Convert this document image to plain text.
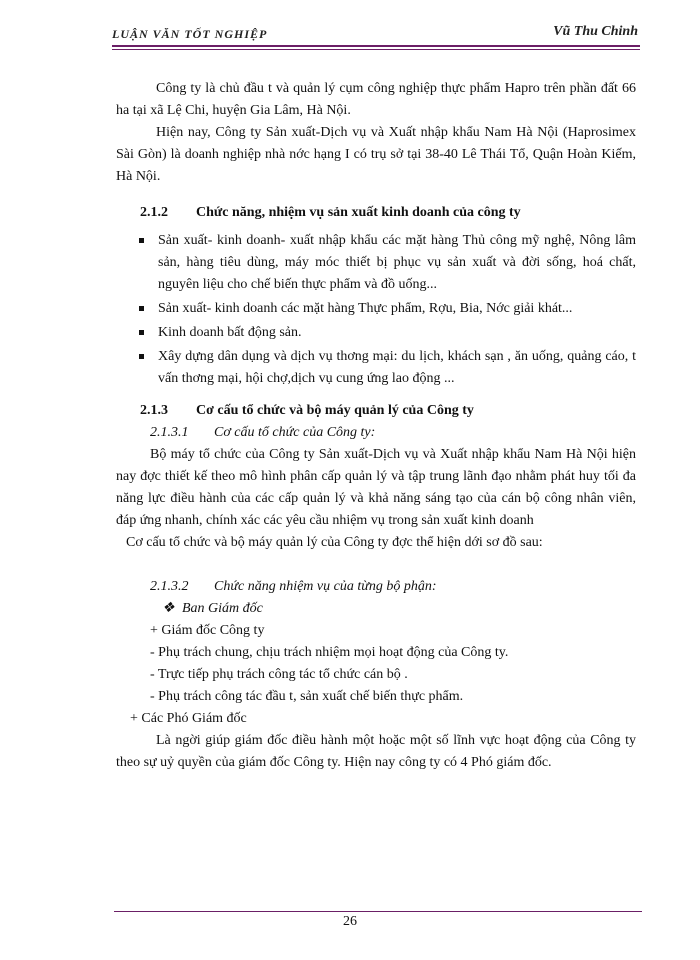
LUẬN VĂN TỐT NGHIỆP	Vũ Thu Chinh

Công ty là chủ đầu t và quản lý cụm công nghiệp thực phẩm Hapro trên phần đất 66 ha tại xã Lệ Chi, huyện Gia Lâm, Hà Nội.

Hiện nay, Công ty Sản xuất-Dịch vụ và Xuất nhập khẩu Nam Hà Nội (Haprosimex Sài Gòn) là doanh nghiệp nhà nớc hạng I có trụ sở tại 38-40 Lê Thái Tổ, Quận Hoàn Kiếm, Hà Nội.

2.1.2 Chức năng, nhiệm vụ sản xuất kinh doanh của công ty
Sản xuất- kinh doanh- xuất nhập khẩu các mặt hàng Thủ công mỹ nghệ, Nông lâm sản, hàng tiêu dùng, máy móc thiết bị phục vụ sản xuất và đời sống, hoá chất, nguyên liệu cho chế biến thực phẩm và đồ uống...
Sản xuất- kinh doanh các mặt hàng Thực phẩm, Rợu, Bia, Nớc giải khát...
Kinh doanh bất động sản.
Xây dựng dân dụng và dịch vụ thơng mại: du lịch, khách sạn , ăn uống, quảng cáo, t vấn thơng mại, hội chợ,dịch vụ cung ứng lao động ...
2.1.3 Cơ cấu tổ chức và bộ máy quản lý của Công ty
2.1.3.1 Cơ cấu tổ chức của Công ty:

Bộ máy tổ chức của Công ty Sản xuất-Dịch vụ và Xuất nhập khẩu Nam Hà Nội hiện nay đợc thiết kế theo mô hình phân cấp quản lý và tập trung lãnh đạo nhằm phát huy tối đa năng lực điều hành của các cấp quản lý và khả năng sáng tạo của cán bộ công nhân viên, đáp ứng nhanh, chính xác các yêu cầu nhiệm vụ trong sản xuất kinh doanh

Cơ cấu tổ chức và bộ máy quản lý của Công ty đợc thể hiện dới sơ đồ sau:

2.1.3.2 Chức năng nhiệm vụ của từng bộ phận:
❖ Ban Giám đốc
+ Giám đốc Công ty
- Phụ trách chung, chịu trách nhiệm mọi hoạt động của Công ty.
- Trực tiếp phụ trách công tác tổ chức cán bộ .
- Phụ trách công tác đầu t, sản xuất chế biến thực phẩm.
+ Các Phó Giám đốc

Là ngời giúp giám đốc điều hành một hoặc một số lĩnh vực hoạt động của Công ty theo sự uỷ quyền của giám đốc Công ty. Hiện nay công ty có 4 Phó giám đốc.

26
